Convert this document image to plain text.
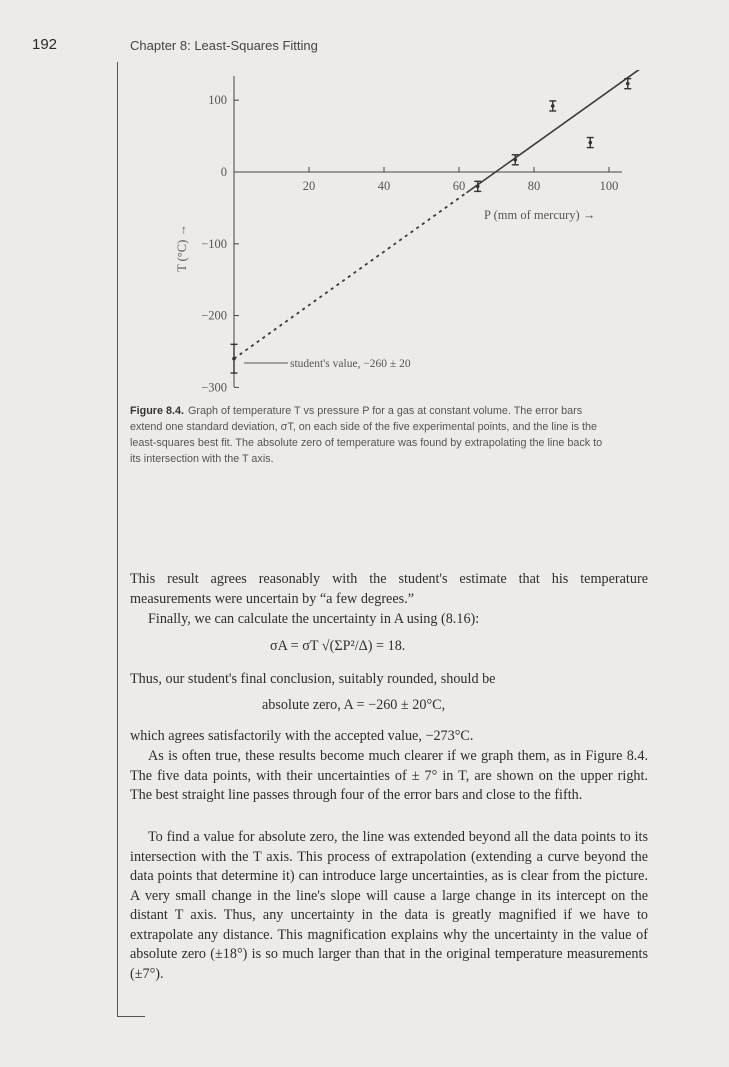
192	Chapter 8: Least-Squares Fitting
100
0
−100
−200
−300
20	40	60	80	100
P (mm of mercury) →
T (°C) →
student's value, −260 ± 20
Figure 8.4. Graph of temperature T vs pressure P for a gas at constant volume. The error bars extend one standard deviation, σT, on each side of the five experimental points, and the line is the least-squares best fit. The absolute zero of temperature was found by extrapolating the line back to its intersection with the T axis.

This result agrees reasonably with the student's estimate that his temperature measurements were uncertain by “a few degrees.”

Finally, we can calculate the uncertainty in A using (8.16):

σA = σT √(ΣP²/Δ) = 18.

Thus, our student's final conclusion, suitably rounded, should be

absolute zero, A = −260 ± 20°C,

which agrees satisfactorily with the accepted value, −273°C.

As is often true, these results become much clearer if we graph them, as in Figure 8.4. The five data points, with their uncertainties of ± 7° in T, are shown on the upper right. The best straight line passes through four of the error bars and close to the fifth.

To find a value for absolute zero, the line was extended beyond all the data points to its intersection with the T axis. This process of extrapolation (extending a curve beyond the data points that determine it) can introduce large uncertainties, as is clear from the picture. A very small change in the line's slope will cause a large change in its intercept on the distant T axis. Thus, any uncertainty in the data is greatly magnified if we have to extrapolate any distance. This magnification explains why the uncertainty in the value of absolute zero (±18°) is so much larger than that in the original temperature measurements (±7°).
